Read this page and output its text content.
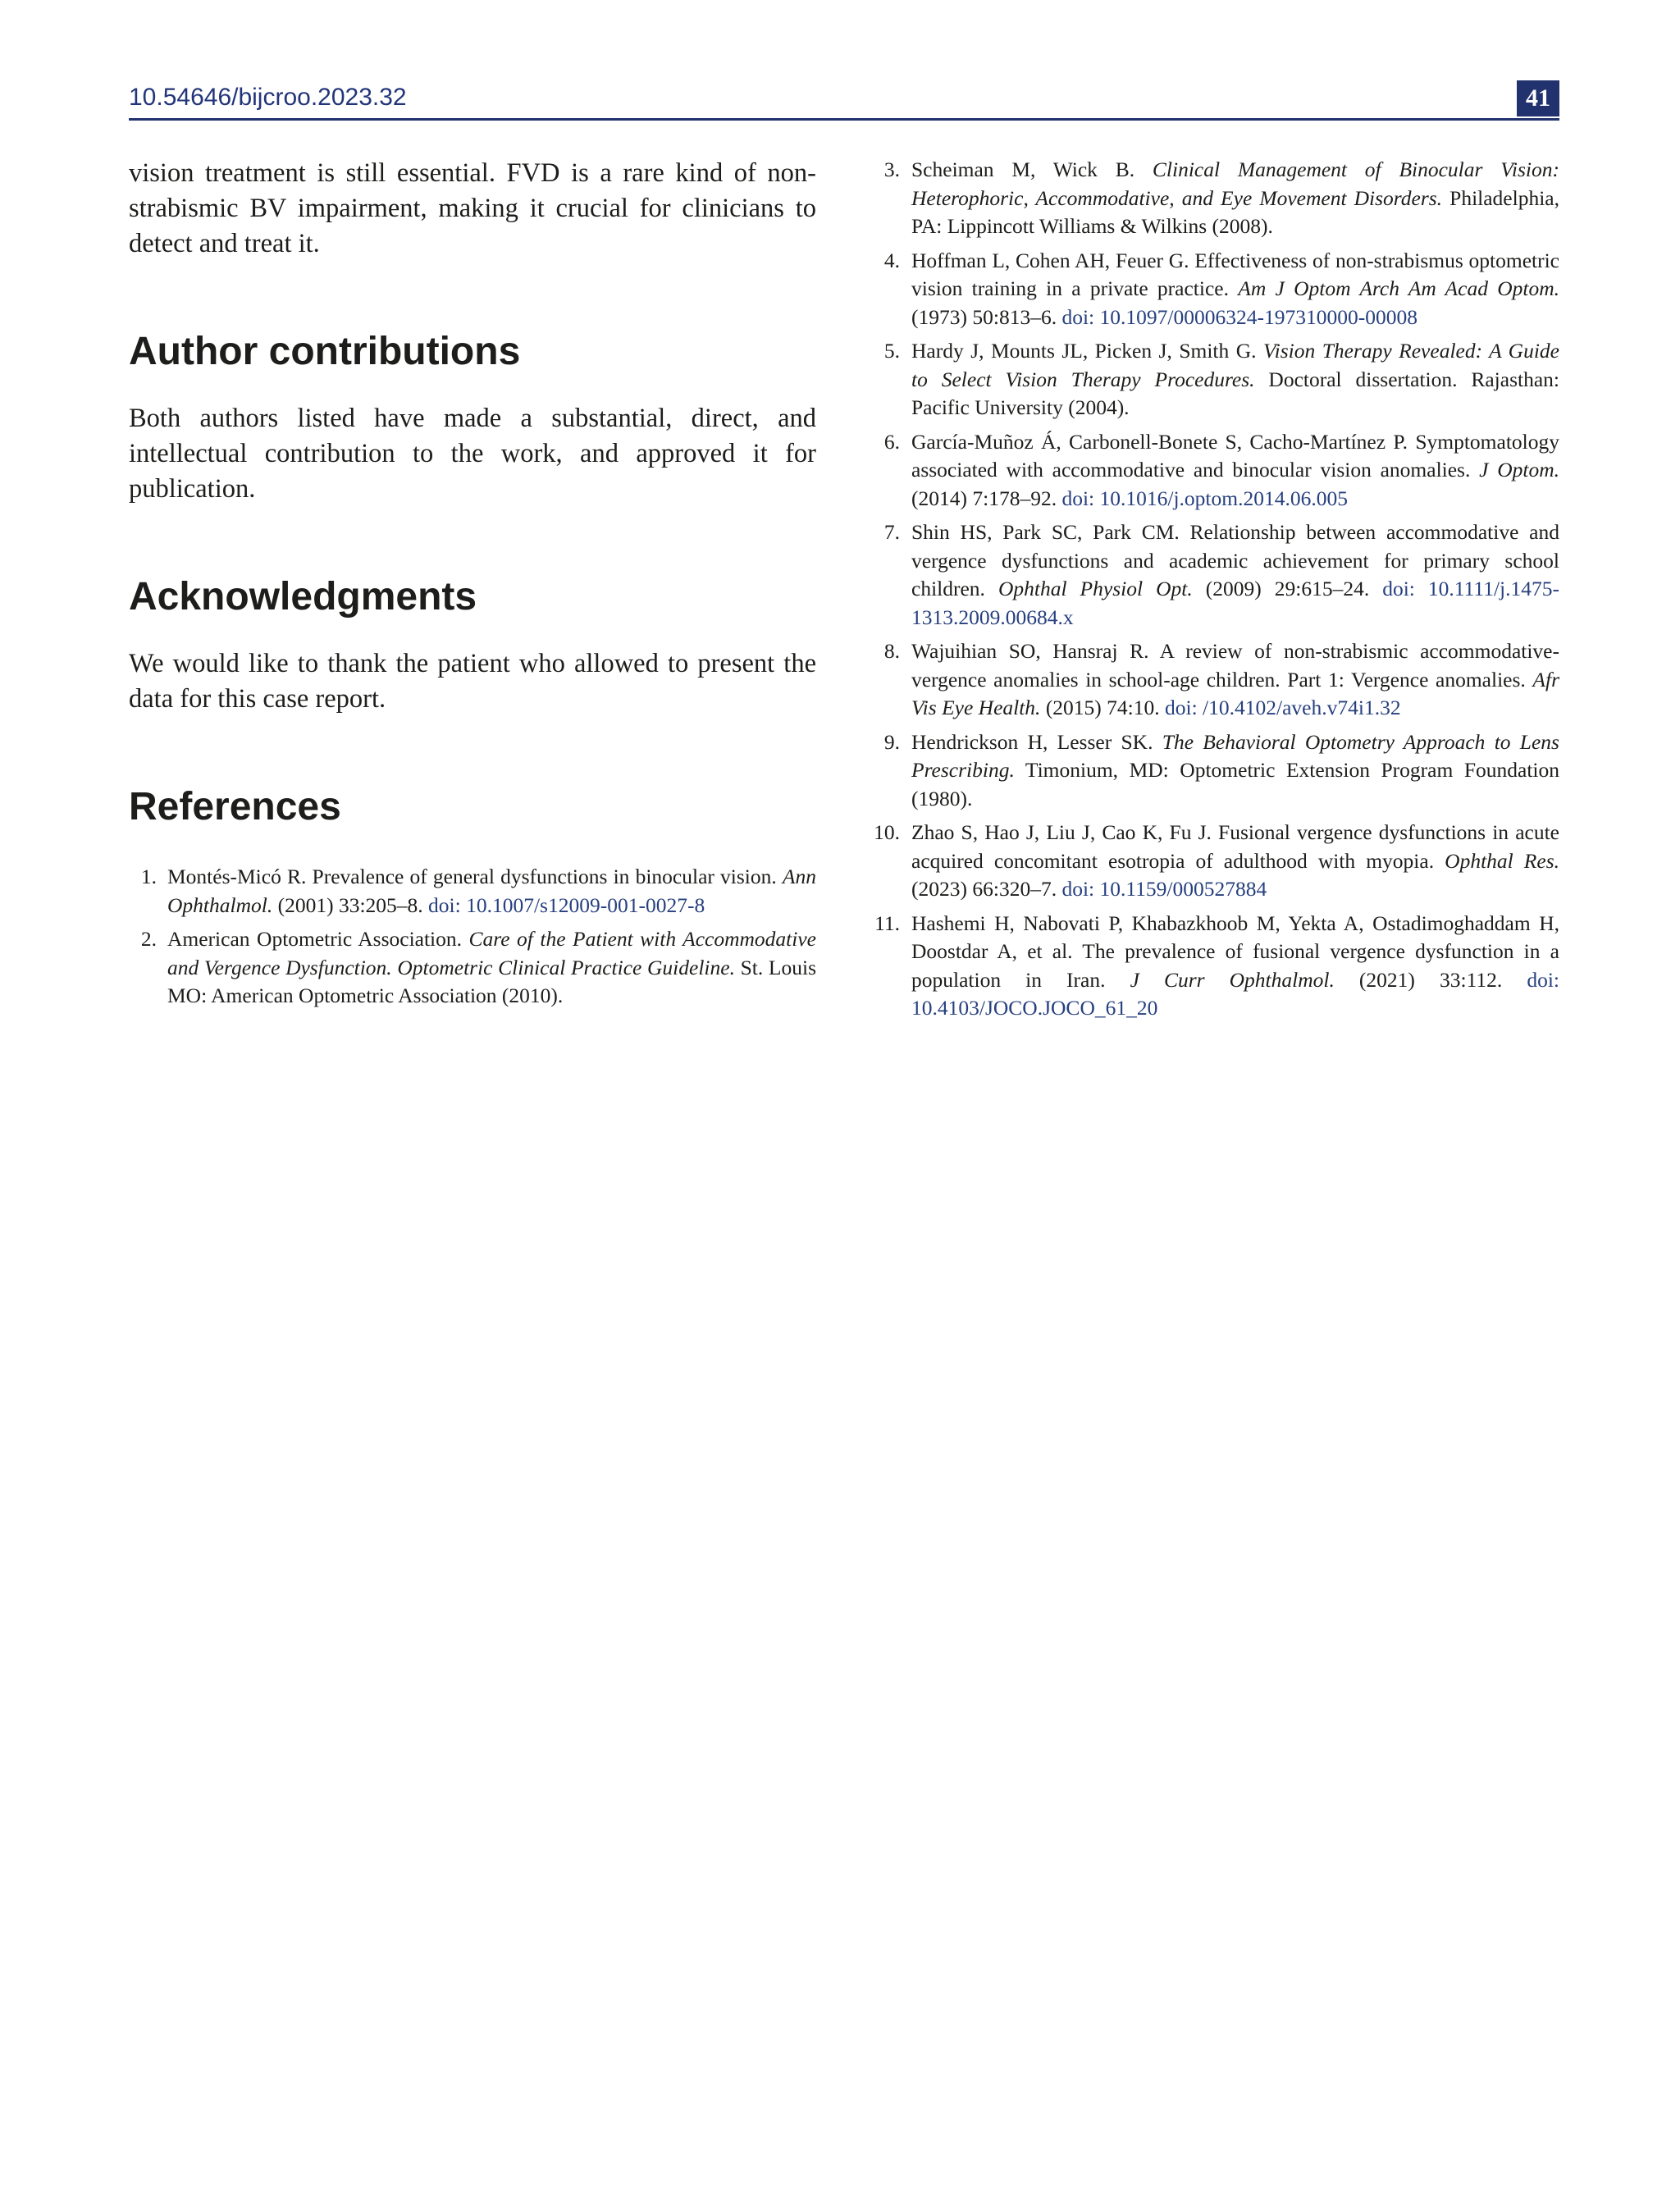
10.54646/bijcroo.2023.32	41

vision treatment is still essential. FVD is a rare kind of non-strabismic BV impairment, making it crucial for clinicians to detect and treat it.

Author contributions

Both authors listed have made a substantial, direct, and intellectual contribution to the work, and approved it for publication.

Acknowledgments

We would like to thank the patient who allowed to present the data for this case report.

References
1. Montés-Micó R. Prevalence of general dysfunctions in binocular vision. Ann Ophthalmol. (2001) 33:205–8. doi: 10.1007/s12009-001-0027-8
2. American Optometric Association. Care of the Patient with Accommodative and Vergence Dysfunction. Optometric Clinical Practice Guideline. St. Louis MO: American Optometric Association (2010).
3. Scheiman M, Wick B. Clinical Management of Binocular Vision: Heterophoric, Accommodative, and Eye Movement Disorders. Philadelphia, PA: Lippincott Williams & Wilkins (2008).
4. Hoffman L, Cohen AH, Feuer G. Effectiveness of non-strabismus optometric vision training in a private practice. Am J Optom Arch Am Acad Optom. (1973) 50:813–6. doi: 10.1097/00006324-197310000-00008
5. Hardy J, Mounts JL, Picken J, Smith G. Vision Therapy Revealed: A Guide to Select Vision Therapy Procedures. Doctoral dissertation. Rajasthan: Pacific University (2004).
6. García-Muñoz Á, Carbonell-Bonete S, Cacho-Martínez P. Symptomatology associated with accommodative and binocular vision anomalies. J Optom. (2014) 7:178–92. doi: 10.1016/j.optom.2014.06.005
7. Shin HS, Park SC, Park CM. Relationship between accommodative and vergence dysfunctions and academic achievement for primary school children. Ophthal Physiol Opt. (2009) 29:615–24. doi: 10.1111/j.1475-1313.2009.00684.x
8. Wajuihian SO, Hansraj R. A review of non-strabismic accommodative-vergence anomalies in school-age children. Part 1: Vergence anomalies. Afr Vis Eye Health. (2015) 74:10. doi: /10.4102/aveh.v74i1.32
9. Hendrickson H, Lesser SK. The Behavioral Optometry Approach to Lens Prescribing. Timonium, MD: Optometric Extension Program Foundation (1980).
10. Zhao S, Hao J, Liu J, Cao K, Fu J. Fusional vergence dysfunctions in acute acquired concomitant esotropia of adulthood with myopia. Ophthal Res. (2023) 66:320–7. doi: 10.1159/000527884
11. Hashemi H, Nabovati P, Khabazkhoob M, Yekta A, Ostadimoghaddam H, Doostdar A, et al. The prevalence of fusional vergence dysfunction in a population in Iran. J Curr Ophthalmol. (2021) 33:112. doi: 10.4103/JOCO.JOCO_61_20
